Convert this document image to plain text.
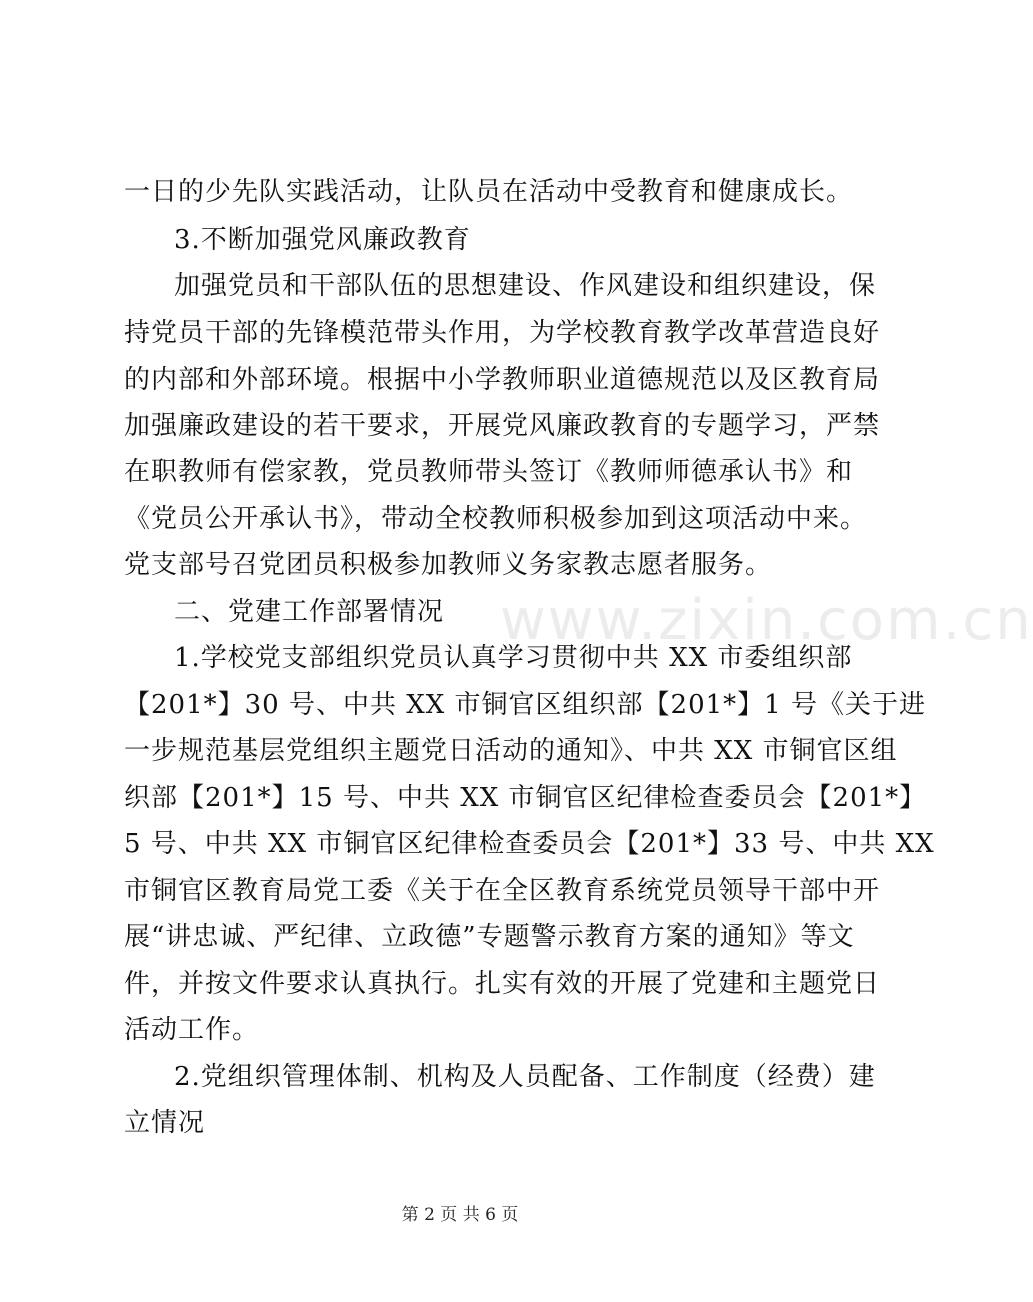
一日的少先队实践活动，让队员在活动中受教育和健康成长。
3.不断加强党风廉政教育
加强党员和干部队伍的思想建设、作风建设和组织建设，保
持党员干部的先锋模范带头作用，为学校教育教学改革营造良好
的内部和外部环境。根据中小学教师职业道德规范以及区教育局
加强廉政建设的若干要求，开展党风廉政教育的专题学习，严禁
在职教师有偿家教，党员教师带头签订《教师师德承认书》和
《党员公开承认书》，带动全校教师积极参加到这项活动中来。
党支部号召党团员积极参加教师义务家教志愿者服务。
二、党建工作部署情况
1.学校党支部组织党员认真学习贯彻中共 XX 市委组织部
【201*】30 号、中共 XX 市铜官区组织部【201*】1 号《关于进
一步规范基层党组织主题党日活动的通知》、中共 XX 市铜官区组
织部【201*】15 号、中共 XX 市铜官区纪律检查委员会【201*】
5 号、中共 XX 市铜官区纪律检查委员会【201*】33 号、中共 XX
市铜官区教育局党工委《关于在全区教育系统党员领导干部中开
展“讲忠诚、严纪律、立政德”专题警示教育方案的通知》等文
件，并按文件要求认真执行。扎实有效的开展了党建和主题党日
活动工作。
2.党组织管理体制、机构及人员配备、工作制度（经费）建
立情况
www.zixin.com.cn
第 2 页 共 6 页
